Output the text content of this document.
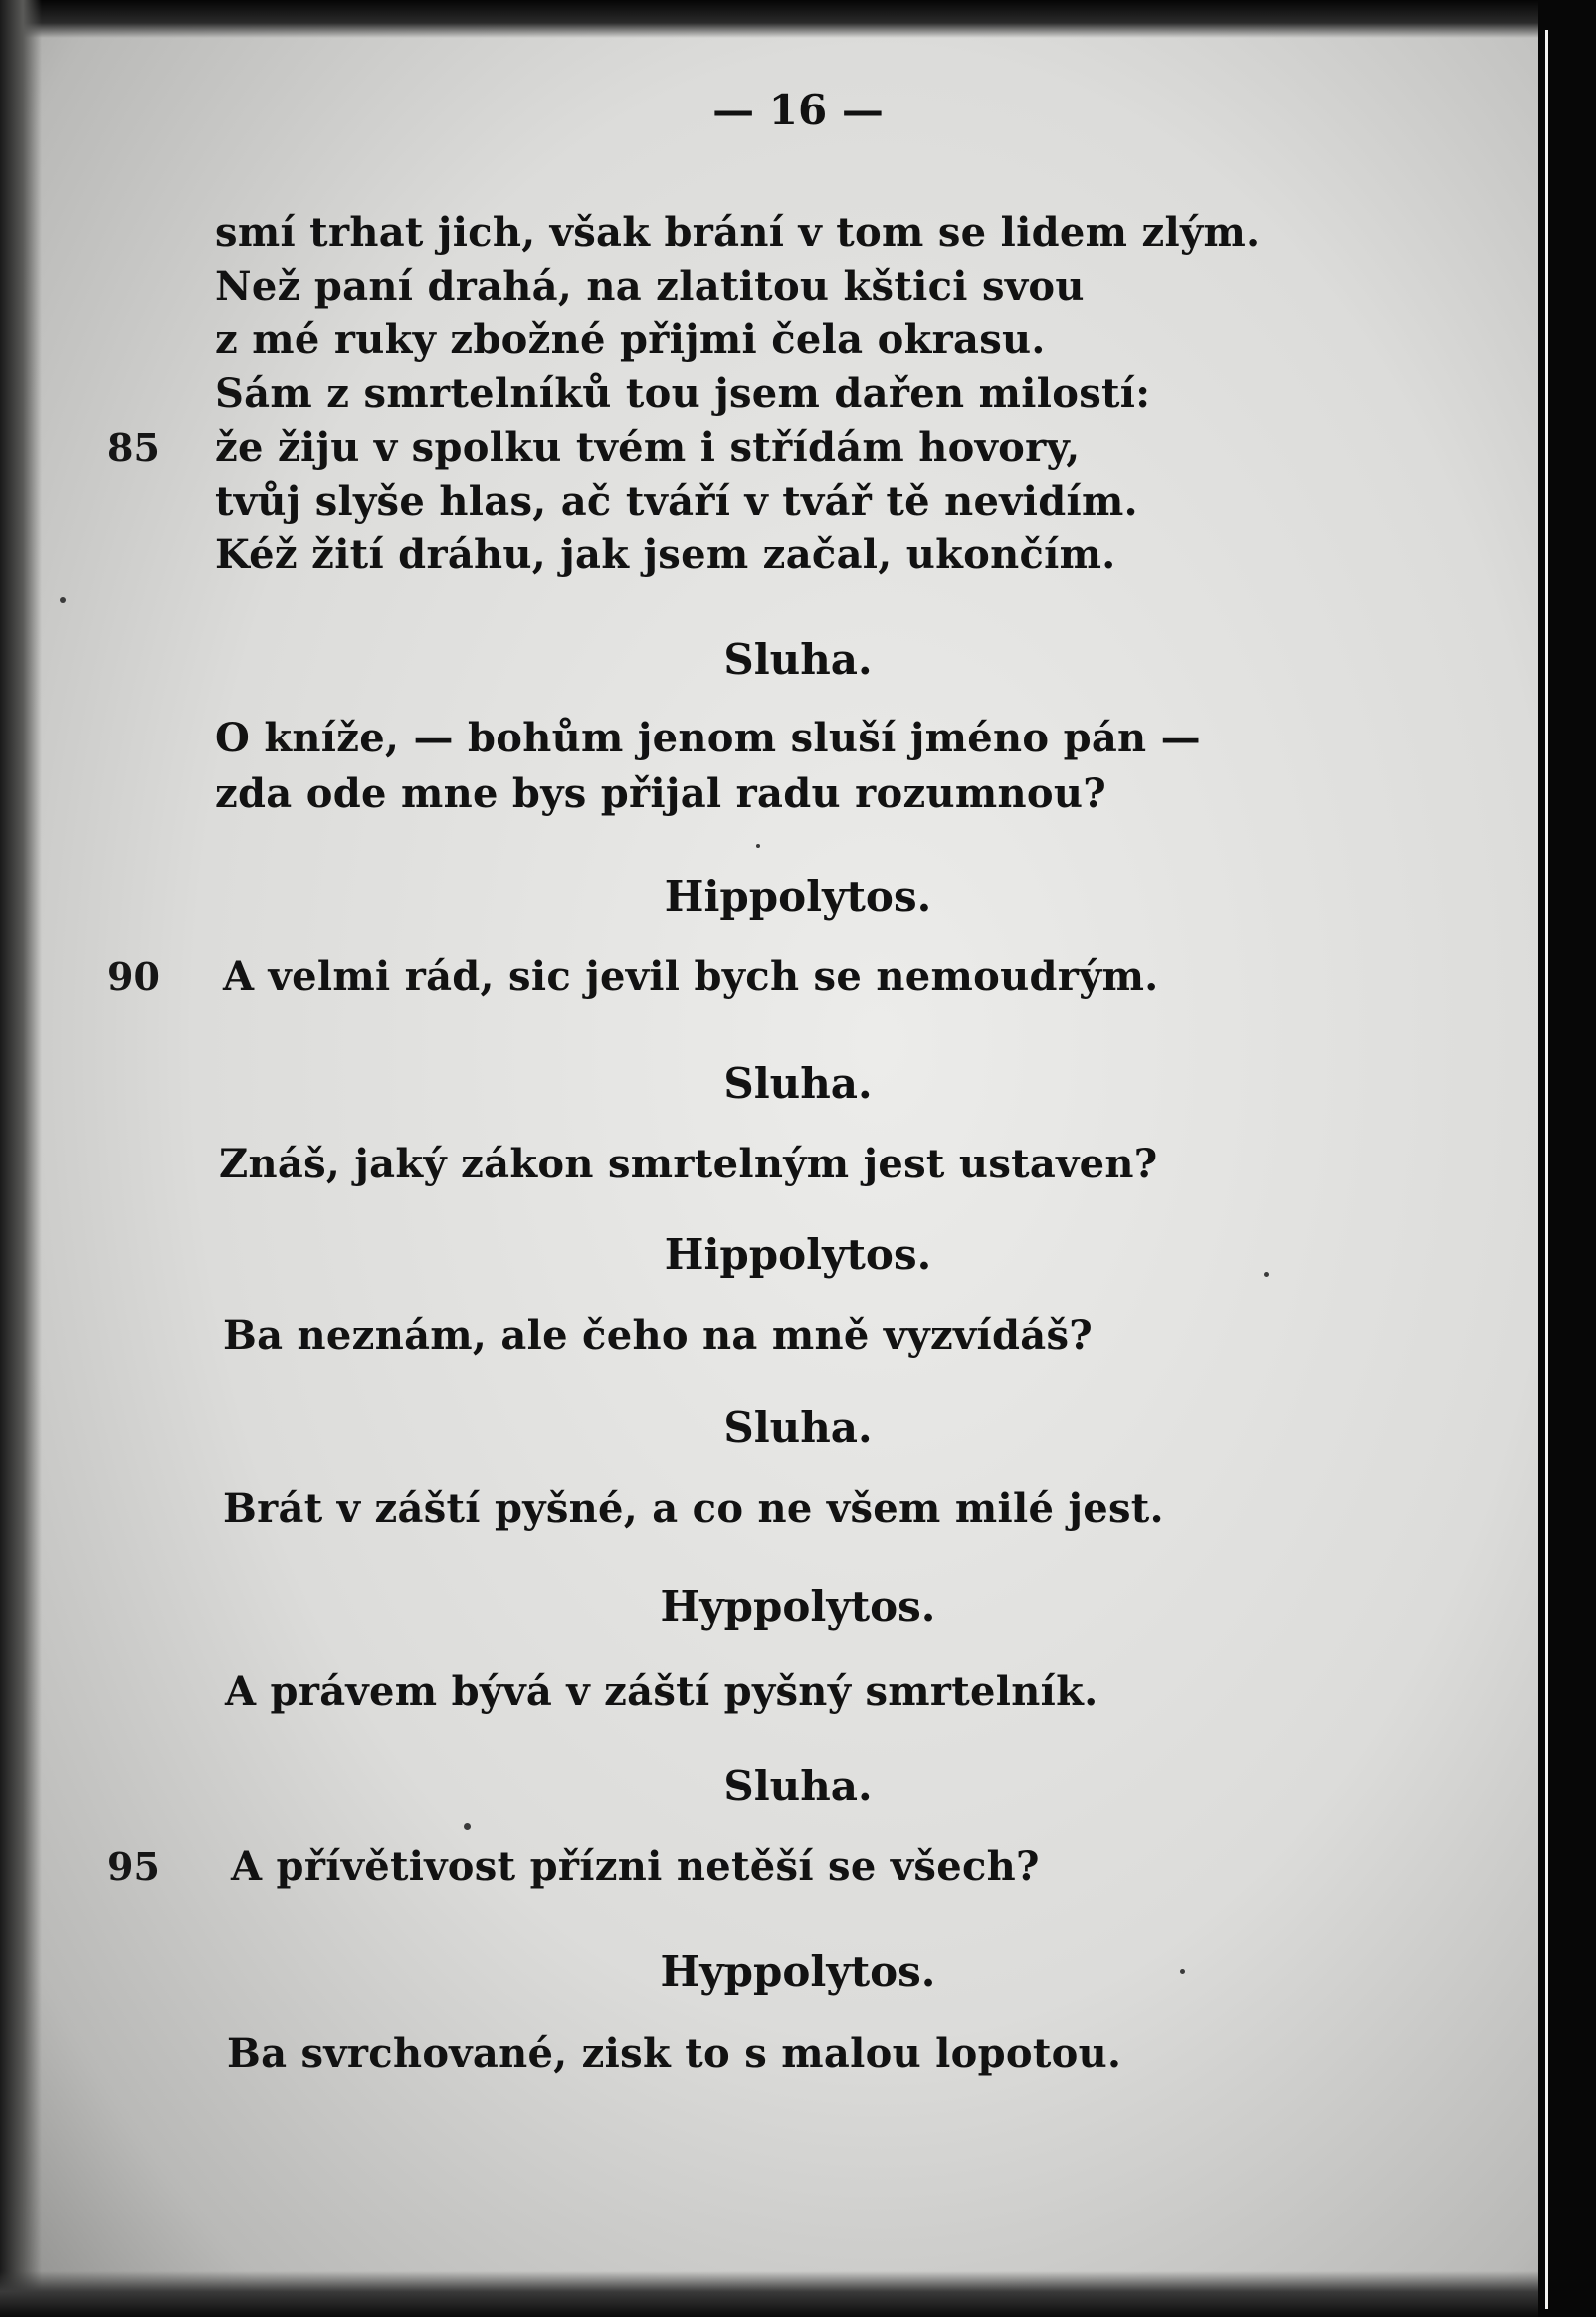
— 16 —
smí trhat jich, však brání v tom se lidem zlým.
Než paní drahá, na zlatitou kštici svou
z mé ruky zbožné přijmi čela okrasu.
Sám z smrtelníků tou jsem dařen milostí:
85 že žiju v spolku tvém i střídám hovory,
tvůj slyše hlas, ač tváří v tvář tě nevidím.
Kéž žití dráhu, jak jsem začal, ukončím.
Sluha.
O kníže, — bohům jenom sluší jméno pán —
zda ode mne bys přijal radu rozumnou?
Hippolytos.
90 A velmi rád, sic jevil bych se nemoudrým.
Sluha.
Znáš, jaký zákon smrtelným jest ustaven?
Hippolytos.
Ba neznám, ale čeho na mně vyzvídáš?
Sluha.
Brát v záští pyšné, a co ne všem milé jest.
Hyppolytos.
A právem bývá v záští pyšný smrtelník.
Sluha.
95 A přívětivost přízni netěší se všech?
Hyppolytos.
Ba svrchované, zisk to s malou lopotou.
